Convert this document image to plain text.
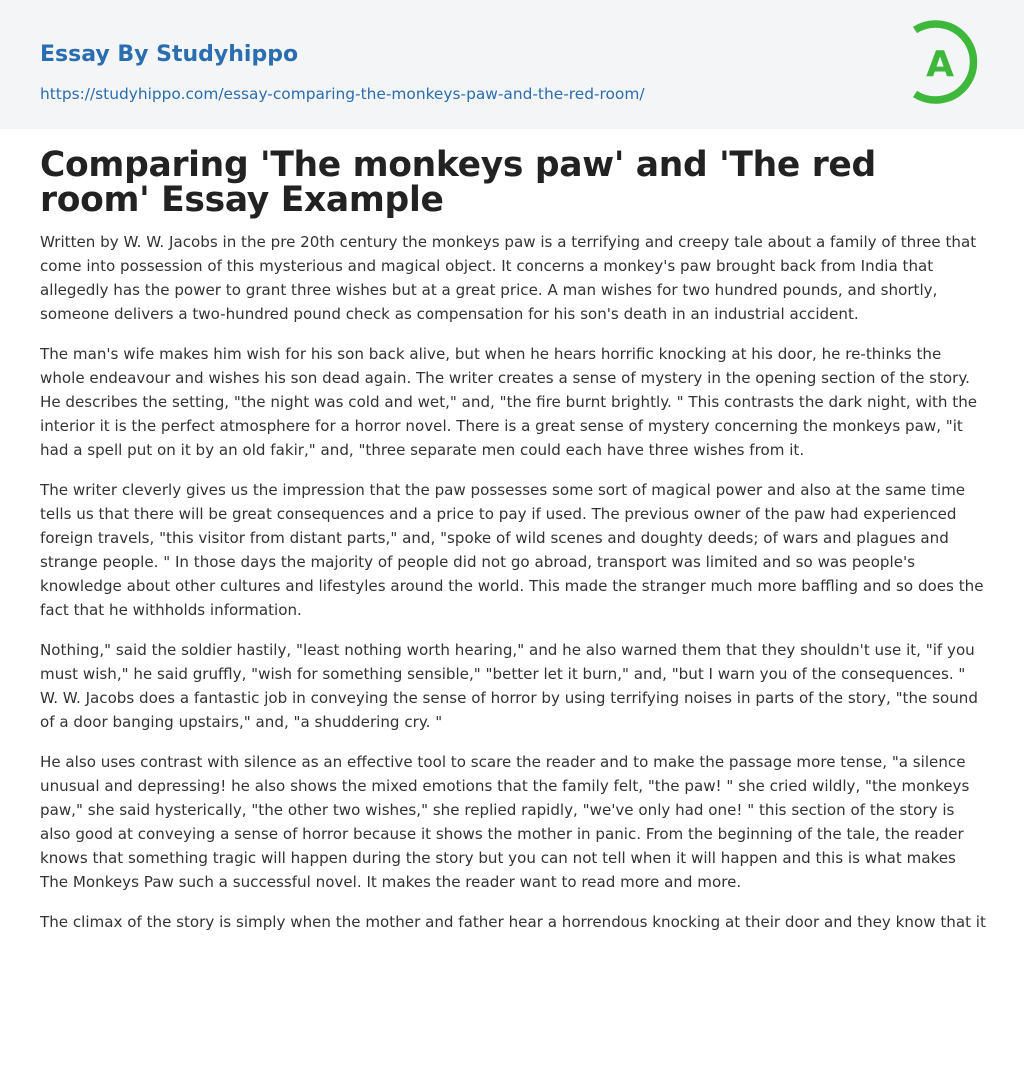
Essay By Studyhippo
https://studyhippo.com/essay-comparing-the-monkeys-paw-and-the-red-room/
A
Comparing 'The monkeys paw' and 'The red room' Essay Example

Written by W. W. Jacobs in the pre 20th century the monkeys paw is a terrifying and creepy tale about a family of three that come into possession of this mysterious and magical object. It concerns a monkey's paw brought back from India that allegedly has the power to grant three wishes but at a great price. A man wishes for two hundred pounds, and shortly, someone delivers a two-hundred pound check as compensation for his son's death in an industrial accident.

The man's wife makes him wish for his son back alive, but when he hears horrific knocking at his door, he re-thinks the whole endeavour and wishes his son dead again. The writer creates a sense of mystery in the opening section of the story. He describes the setting, "the night was cold and wet," and, "the fire burnt brightly. " This contrasts the dark night, with the interior it is the perfect atmosphere for a horror novel. There is a great sense of mystery concerning the monkeys paw, "it had a spell put on it by an old fakir," and, "three separate men could each have three wishes from it.

The writer cleverly gives us the impression that the paw possesses some sort of magical power and also at the same time tells us that there will be great consequences and a price to pay if used. The previous owner of the paw had experienced foreign travels, "this visitor from distant parts," and, "spoke of wild scenes and doughty deeds; of wars and plagues and strange people. " In those days the majority of people did not go abroad, transport was limited and so was people's knowledge about other cultures and lifestyles around the world. This made the stranger much more baffling and so does the fact that he withholds information.

Nothing," said the soldier hastily, "least nothing worth hearing," and he also warned them that they shouldn't use it, "if you must wish," he said gruffly, "wish for something sensible," "better let it burn," and, "but I warn you of the consequences. " W. W. Jacobs does a fantastic job in conveying the sense of horror by using terrifying noises in parts of the story, "the sound of a door banging upstairs," and, "a shuddering cry. "

He also uses contrast with silence as an effective tool to scare the reader and to make the passage more tense, "a silence unusual and depressing! he also shows the mixed emotions that the family felt, "the paw! " she cried wildly, "the monkeys paw," she said hysterically, "the other two wishes," she replied rapidly, "we've only had one! " this section of the story is also good at conveying a sense of horror because it shows the mother in panic. From the beginning of the tale, the reader knows that something tragic will happen during the story but you can not tell when it will happen and this is what makes The Monkeys Paw such a successful novel. It makes the reader want to read more and more.

The climax of the story is simply when the mother and father hear a horrendous knocking at their door and they know that it
